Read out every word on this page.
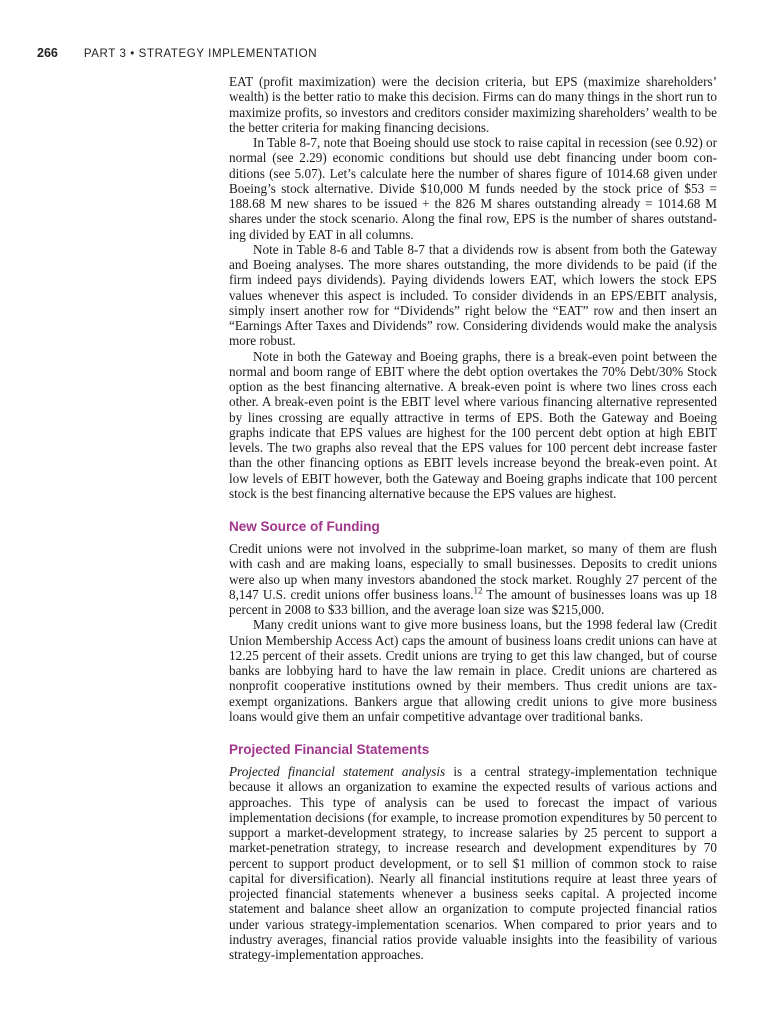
266 PART 3 • STRATEGY IMPLEMENTATION

EAT (profit maximization) were the decision criteria, but EPS (maximize shareholders’ wealth) is the better ratio to make this decision. Firms can do many things in the short run to maximize profits, so investors and creditors consider maximizing shareholders’ wealth to be the better criteria for making financing decisions.

In Table 8-7, note that Boeing should use stock to raise capital in recession (see 0.92) or normal (see 2.29) economic conditions but should use debt financing under boom conditions (see 5.07). Let’s calculate here the number of shares figure of 1014.68 given under Boeing’s stock alternative. Divide $10,000 M funds needed by the stock price of $53 = 188.68 M new shares to be issued + the 826 M shares outstanding already = 1014.68 M shares under the stock scenario. Along the final row, EPS is the number of shares outstanding divided by EAT in all columns.

Note in Table 8-6 and Table 8-7 that a dividends row is absent from both the Gateway and Boeing analyses. The more shares outstanding, the more dividends to be paid (if the firm indeed pays dividends). Paying dividends lowers EAT, which lowers the stock EPS values whenever this aspect is included. To consider dividends in an EPS/EBIT analysis, simply insert another row for “Dividends” right below the “EAT” row and then insert an “Earnings After Taxes and Dividends” row. Considering dividends would make the analysis more robust.

Note in both the Gateway and Boeing graphs, there is a break-even point between the normal and boom range of EBIT where the debt option overtakes the 70% Debt/30% Stock option as the best financing alternative. A break-even point is where two lines cross each other. A break-even point is the EBIT level where various financing alternative represented by lines crossing are equally attractive in terms of EPS. Both the Gateway and Boeing graphs indicate that EPS values are highest for the 100 percent debt option at high EBIT levels. The two graphs also reveal that the EPS values for 100 percent debt increase faster than the other financing options as EBIT levels increase beyond the break-even point. At low levels of EBIT however, both the Gateway and Boeing graphs indicate that 100 percent stock is the best financing alternative because the EPS values are highest.

New Source of Funding

Credit unions were not involved in the subprime-loan market, so many of them are flush with cash and are making loans, especially to small businesses. Deposits to credit unions were also up when many investors abandoned the stock market. Roughly 27 percent of the 8,147 U.S. credit unions offer business loans.$^{12}$ The amount of businesses loans was up 18 percent in 2008 to $33 billion, and the average loan size was $215,000.

Many credit unions want to give more business loans, but the 1998 federal law (Credit Union Membership Access Act) caps the amount of business loans credit unions can have at 12.25 percent of their assets. Credit unions are trying to get this law changed, but of course banks are lobbying hard to have the law remain in place. Credit unions are chartered as nonprofit cooperative institutions owned by their members. Thus credit unions are tax-exempt organizations. Bankers argue that allowing credit unions to give more business loans would give them an unfair competitive advantage over traditional banks.

Projected Financial Statements

Projected financial statement analysis is a central strategy-implementation technique because it allows an organization to examine the expected results of various actions and approaches. This type of analysis can be used to forecast the impact of various implementation decisions (for example, to increase promotion expenditures by 50 percent to support a market-development strategy, to increase salaries by 25 percent to support a market-penetration strategy, to increase research and development expenditures by 70 percent to support product development, or to sell $1 million of common stock to raise capital for diversification). Nearly all financial institutions require at least three years of projected financial statements whenever a business seeks capital. A projected income statement and balance sheet allow an organization to compute projected financial ratios under various strategy-implementation scenarios. When compared to prior years and to industry averages, financial ratios provide valuable insights into the feasibility of various strategy-implementation approaches.
